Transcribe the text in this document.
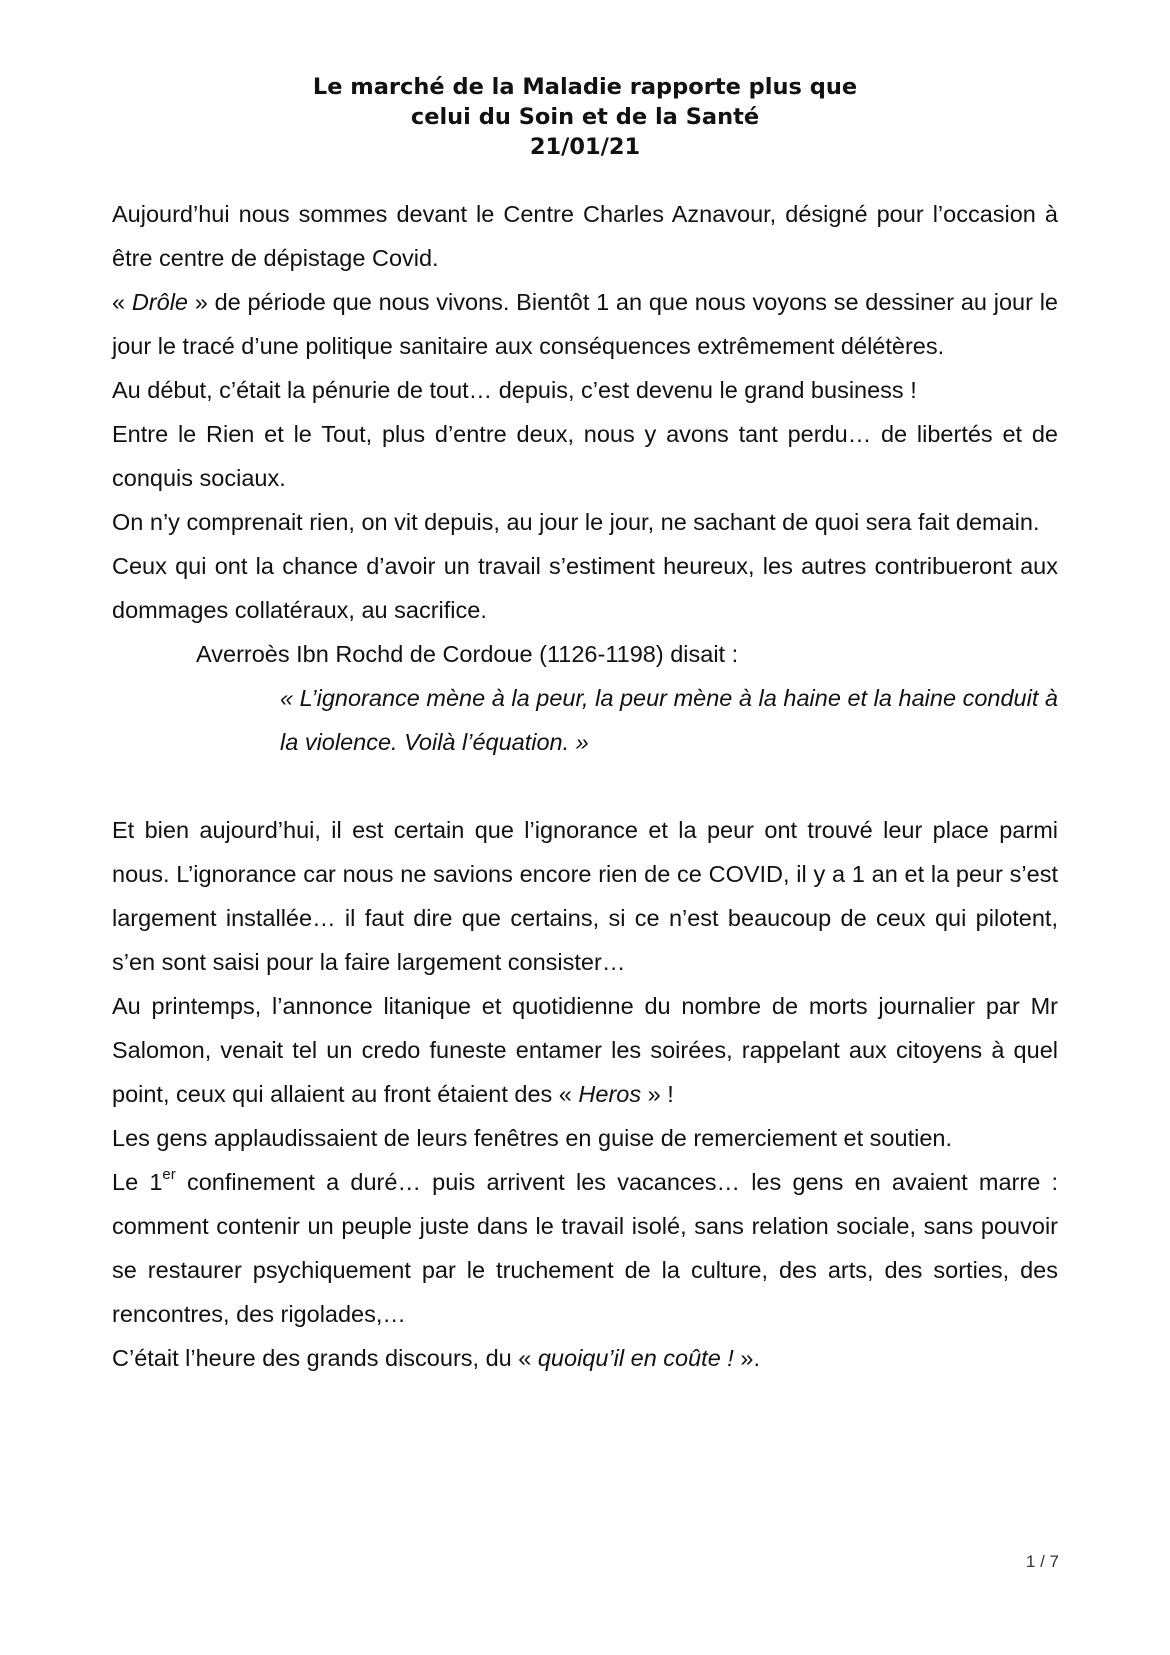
Le marché de la Maladie rapporte plus que
celui du Soin et de la Santé
21/01/21

Aujourd’hui nous sommes devant le Centre Charles Aznavour, désigné pour l’occasion à être centre de dépistage Covid.

« Drôle » de période que nous vivons. Bientôt 1 an que nous voyons se dessiner au jour le jour le tracé d’une politique sanitaire aux conséquences extrêmement délétères.

Au début, c’était la pénurie de tout… depuis, c’est devenu le grand business !

Entre le Rien et le Tout, plus d’entre deux, nous y avons tant perdu… de libertés et de conquis sociaux.

On n’y comprenait rien, on vit depuis, au jour le jour, ne sachant de quoi sera fait demain.

Ceux qui ont la chance d’avoir un travail s’estiment heureux, les autres contribueront aux dommages collatéraux, au sacrifice.

Averroès Ibn Rochd de Cordoue (1126-1198) disait :

« L’ignorance mène à la peur, la peur mène à la haine et la haine conduit à la violence. Voilà l’équation. »

Et bien aujourd’hui, il est certain que l’ignorance et la peur ont trouvé leur place parmi nous. L’ignorance car nous ne savions encore rien de ce COVID, il y a 1 an et la peur s’est largement installée… il faut dire que certains, si ce n’est beaucoup de ceux qui pilotent, s’en sont saisi pour la faire largement consister…

Au printemps, l’annonce litanique et quotidienne du nombre de morts journalier par Mr Salomon, venait tel un credo funeste entamer les soirées, rappelant aux citoyens à quel point, ceux qui allaient au front étaient des « Heros » !

Les gens applaudissaient de leurs fenêtres en guise de remerciement et soutien.

Le 1er confinement a duré… puis arrivent les vacances… les gens en avaient marre : comment contenir un peuple juste dans le travail isolé, sans relation sociale, sans pouvoir se restaurer psychiquement par le truchement de la culture, des arts, des sorties, des rencontres, des rigolades,…

C’était l’heure des grands discours, du « quoiqu’il en coûte ! ».

1 / 7
